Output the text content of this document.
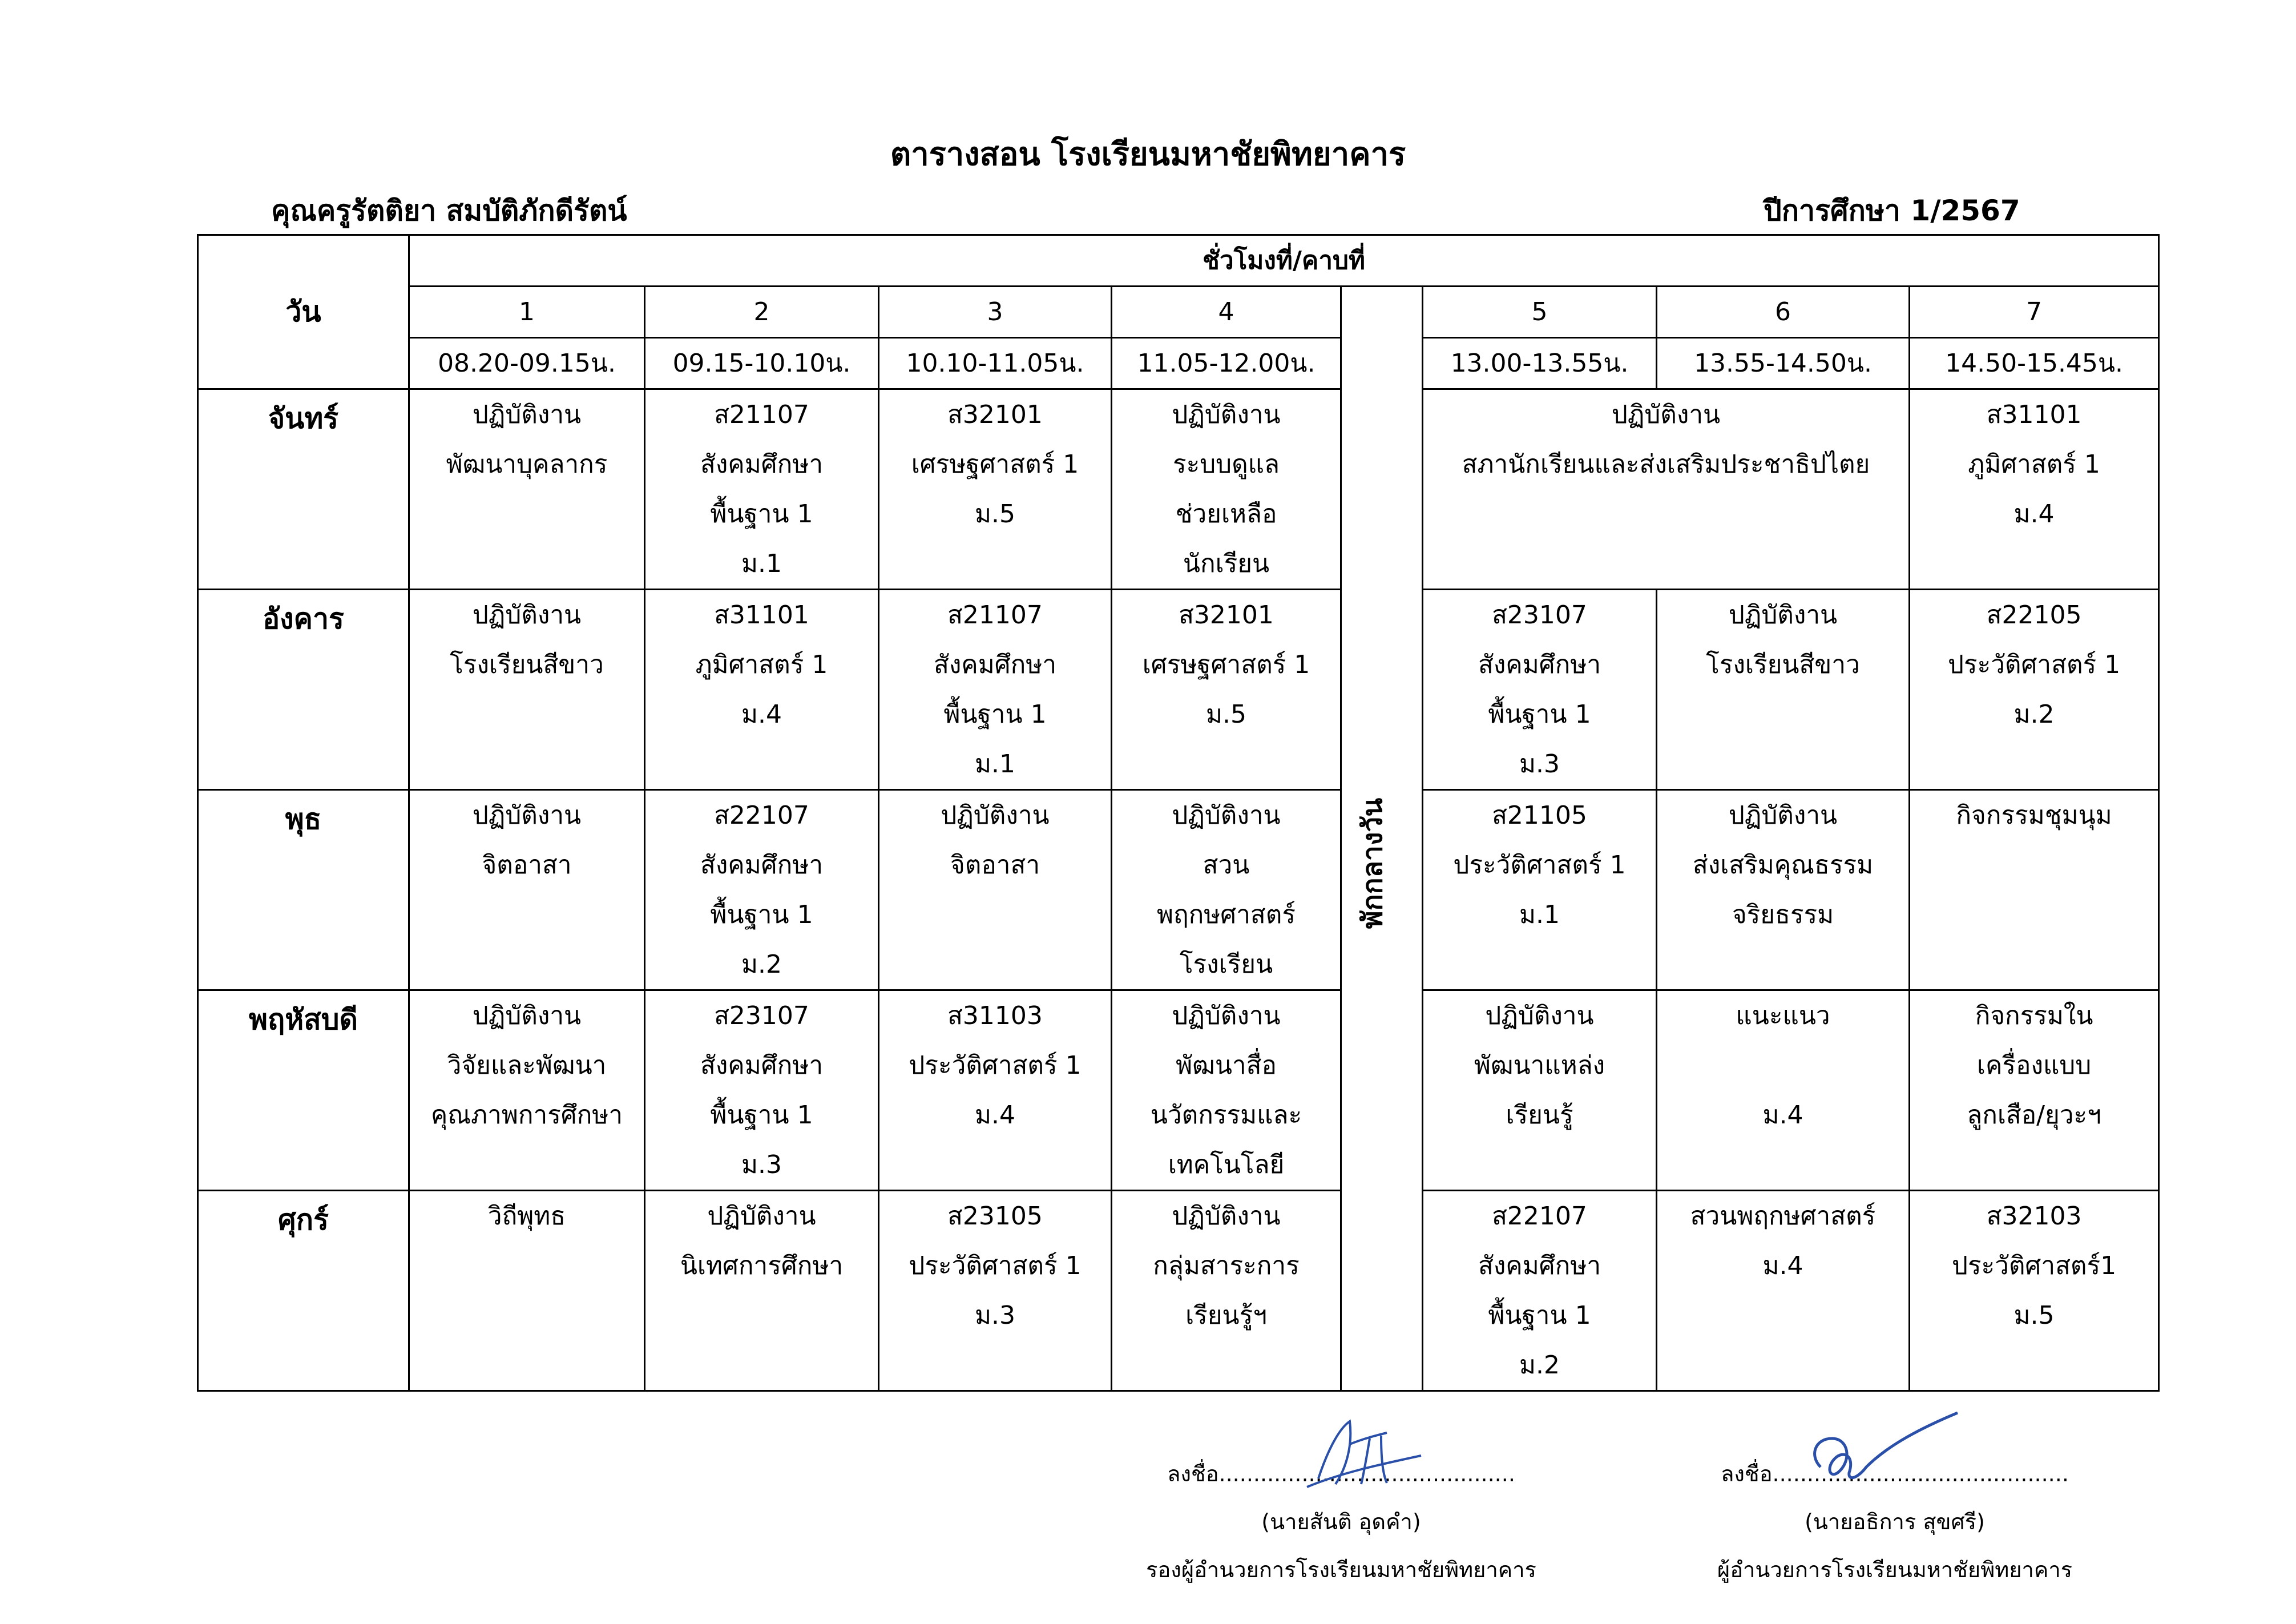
ตารางสอน โรงเรียนมหาชัยพิทยาคาร
คุณครูรัตติยา สมบัติภักดีรัตน์	ปีการศึกษา 1/2567
วัน	ชั่วโมงที่/คาบที่							
	1	2	3	4	พักกลางวัน	5	6	7
	08.20-09.15น.	09.15-10.10น.	10.10-11.05น.	11.05-12.00น.		13.00-13.55น.	13.55-14.50น.	14.50-15.45น.
จันทร์	ปฏิบัติงาน
พัฒนาบุคลากร	ส21107
สังคมศึกษา
พื้นฐาน 1
ม.1	ส32101
เศรษฐศาสตร์ 1
ม.5	ปฏิบัติงาน
ระบบดูแล
ช่วยเหลือ
นักเรียน		ปฏิบัติงาน
สภานักเรียนและส่งเสริมประชาธิปไตย		ส31101
ภูมิศาสตร์ 1
ม.4

อังคาร	ปฏิบัติงาน
โรงเรียนสีขาว	ส31101
ภูมิศาสตร์ 1
ม.4	ส21107
สังคมศึกษา
พื้นฐาน 1
ม.1	ส32101
เศรษฐศาสตร์ 1
ม.5		ส23107
สังคมศึกษา
พื้นฐาน 1
ม.3	ปฏิบัติงาน
โรงเรียนสีขาว	ส22105
ประวัติศาสตร์ 1
ม.2

พุธ	ปฏิบัติงาน
จิตอาสา	ส22107
สังคมศึกษา
พื้นฐาน 1
ม.2	ปฏิบัติงาน
จิตอาสา	ปฏิบัติงาน
สวน
พฤกษศาสตร์
โรงเรียน		ส21105
ประวัติศาสตร์ 1
ม.1	ปฏิบัติงาน
ส่งเสริมคุณธรรม
จริยธรรม	กิจกรรมชุมนุม

พฤหัสบดี	ปฏิบัติงาน
วิจัยและพัฒนา
คุณภาพการศึกษา	ส23107
สังคมศึกษา
พื้นฐาน 1
ม.3	ส31103
ประวัติศาสตร์ 1
ม.4	ปฏิบัติงาน
พัฒนาสื่อ
นวัตกรรมและ
เทคโนโลยี		ปฏิบัติงาน
พัฒนาแหล่ง
เรียนรู้	แนะแนว

ม.4	กิจกรรมใน
เครื่องแบบ
ลูกเสือ/ยุวะฯ

ศุกร์	วิถีพุทธ	ปฏิบัติงาน
นิเทศการศึกษา	ส23105
ประวัติศาสตร์ 1
ม.3	ปฏิบัติงาน
กลุ่มสาระการ
เรียนรู้ฯ		ส22107
สังคมศึกษา
พื้นฐาน 1
ม.2	สวนพฤกษศาสตร์
ม.4	ส32103
ประวัติศาสตร์1
ม.5
ลงชื่อ...........................................
(นายสันติ อุดคำ)
รองผู้อำนวยการโรงเรียนมหาชัยพิทยาคาร
ลงชื่อ...........................................
(นายอธิการ สุขศรี)
ผู้อำนวยการโรงเรียนมหาชัยพิทยาคาร
